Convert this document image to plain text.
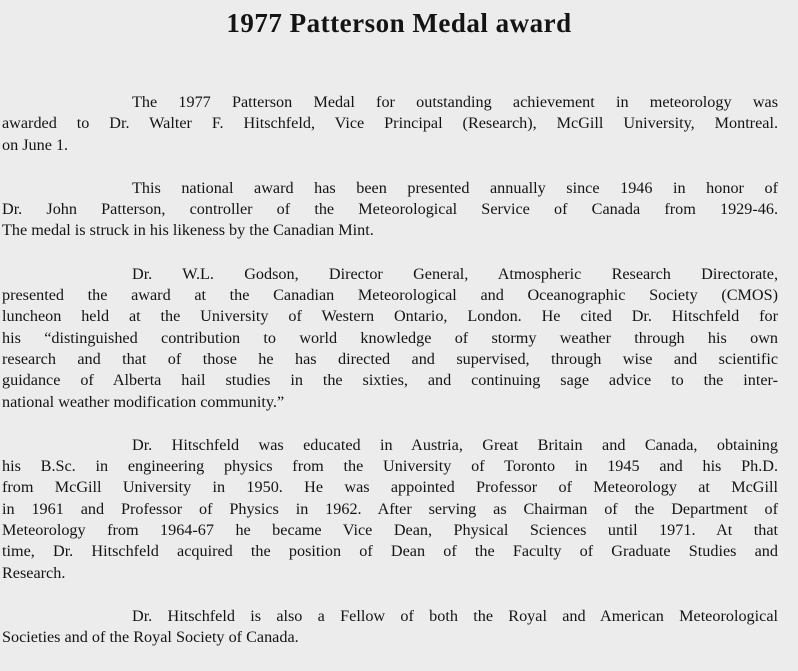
1977 Patterson Medal award

The 1977 Patterson Medal for outstanding achievement in meteorology was
awarded to Dr. Walter F. Hitschfeld, Vice Principal (Research), McGill University, Montreal.
on June 1.

This national award has been presented annually since 1946 in honor of
Dr. John Patterson, controller of the Meteorological Service of Canada from 1929-46.
The medal is struck in his likeness by the Canadian Mint.

Dr. W.L. Godson, Director General, Atmospheric Research Directorate,
presented the award at the Canadian Meteorological and Oceanographic Society (CMOS)
luncheon held at the University of Western Ontario, London. He cited Dr. Hitschfeld for
his “distinguished contribution to world knowledge of stormy weather through his own
research and that of those he has directed and supervised, through wise and scientific
guidance of Alberta hail studies in the sixties, and continuing sage advice to the inter-
national weather modification community.”

Dr. Hitschfeld was educated in Austria, Great Britain and Canada, obtaining
his B.Sc. in engineering physics from the University of Toronto in 1945 and his Ph.D.
from McGill University in 1950. He was appointed Professor of Meteorology at McGill
in 1961 and Professor of Physics in 1962. After serving as Chairman of the Department of
Meteorology from 1964-67 he became Vice Dean, Physical Sciences until 1971. At that
time, Dr. Hitschfeld acquired the position of Dean of the Faculty of Graduate Studies and
Research.

Dr. Hitschfeld is also a Fellow of both the Royal and American Meteorological
Societies and of the Royal Society of Canada.
